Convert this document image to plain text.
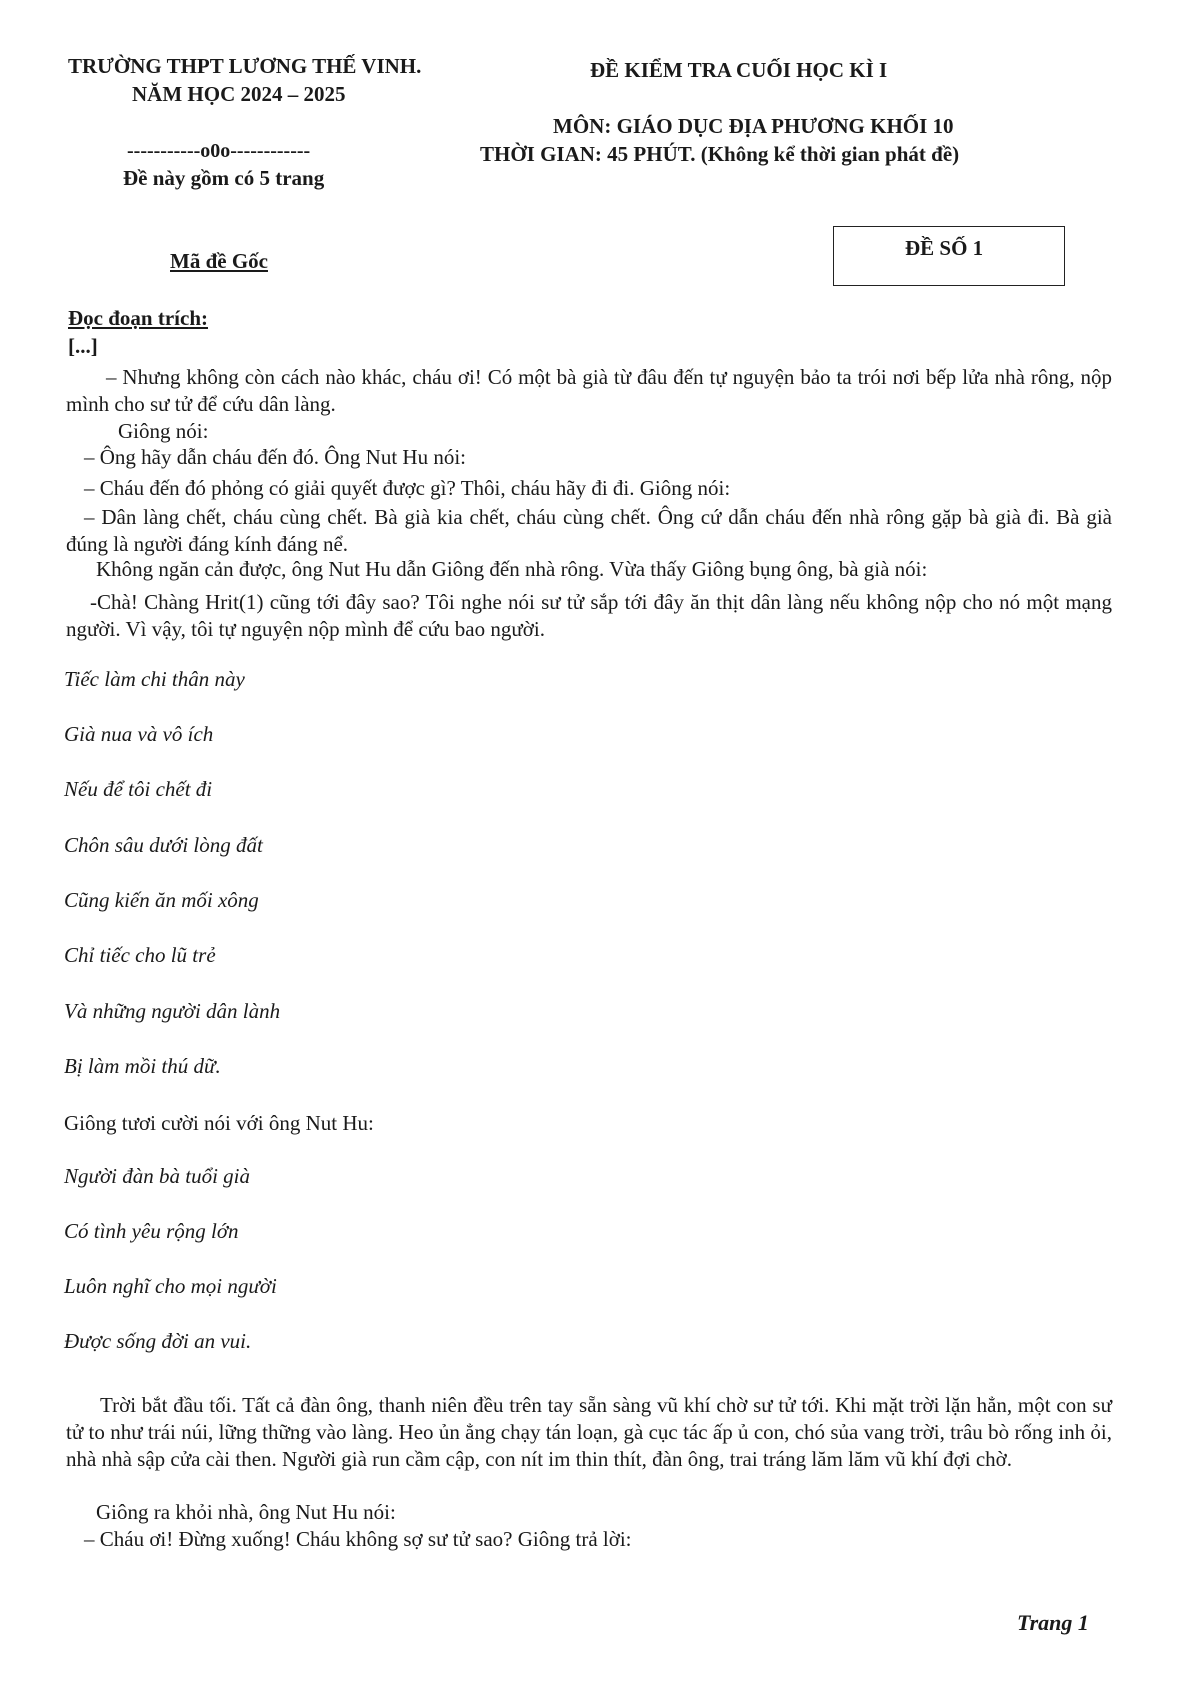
TRƯỜNG THPT LƯƠNG THẾ VINH.
NĂM HỌC 2024 – 2025
-----------o0o------------
Đề này gồm có 5 trang
ĐỀ KIỂM TRA CUỐI HỌC KÌ I
MÔN: GIÁO DỤC ĐỊA PHƯƠNG KHỐI 10
THỜI GIAN: 45 PHÚT. (Không kể thời gian phát đề)
Mã đề Gốc
ĐỀ SỐ 1
Đọc đoạn trích:
[...]
– Nhưng không còn cách nào khác, cháu ơi! Có một bà già từ đâu đến tự nguyện bảo ta trói nơi bếp lửa nhà rông, nộp mình cho sư tử để cứu dân làng.
Giông nói:
– Ông hãy dẫn cháu đến đó. Ông Nut Hu nói:
– Cháu đến đó phỏng có giải quyết được gì? Thôi, cháu hãy đi đi. Giông nói:
– Dân làng chết, cháu cùng chết. Bà già kia chết, cháu cùng chết. Ông cứ dẫn cháu đến nhà rông gặp bà già đi. Bà già đúng là người đáng kính đáng nể.
Không ngăn cản được, ông Nut Hu dẫn Giông đến nhà rông. Vừa thấy Giông bụng ông, bà già nói:
-Chà! Chàng Hrit(1) cũng tới đây sao? Tôi nghe nói sư tử sắp tới đây ăn thịt dân làng nếu không nộp cho nó một mạng người. Vì vậy, tôi tự nguyện nộp mình để cứu bao người.
Tiếc làm chi thân này
Già nua và vô ích
Nếu để tôi chết đi
Chôn sâu dưới lòng đất
Cũng kiến ăn mối xông
Chỉ tiếc cho lũ trẻ
Và những người dân lành
Bị làm mồi thú dữ.
Giông tươi cười nói với ông Nut Hu:
Người đàn bà tuổi già
Có tình yêu rộng lớn
Luôn nghĩ cho mọi người
Được sống đời an vui.
Trời bắt đầu tối. Tất cả đàn ông, thanh niên đều trên tay sẵn sàng vũ khí chờ sư tử tới. Khi mặt trời lặn hẳn, một con sư tử to như trái núi, lững thững vào làng. Heo ủn ẳng chạy tán loạn, gà cục tác ấp ủ con, chó sủa vang trời, trâu bò rống inh ỏi, nhà nhà sập cửa cài then. Người già run cầm cập, con nít im thin thít, đàn ông, trai tráng lăm lăm vũ khí đợi chờ.
Giông ra khỏi nhà, ông Nut Hu nói:
– Cháu ơi! Đừng xuống! Cháu không sợ sư tử sao? Giông trả lời:
Trang 1
